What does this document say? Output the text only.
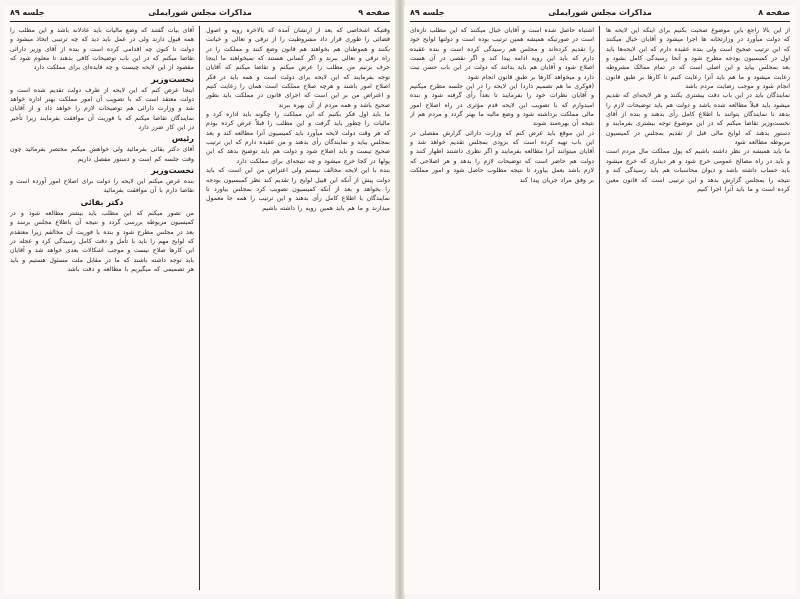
جلسه ۸۹	مذاکرات مجلس شورایملی	صفحه ۹

وقتیکه اشخاصی که بعد از ارتشان آمده که بالاخره رویه و اصول قضائی را طوری قرار داد مشروطیت را از ترقی و تعالی و خیانت بکنند و هموطنان هم بخواهند هم قانون وضع کنند و مملکت را در راه ترقی و تعالی ببرند و اگر کسانی هستند که نمیخواهند ما اینجا حرف بزنیم من مطلب را عرض میکنم و تقاضا میکنم که آقایان توجه بفرمایند که این لایحه برای دولت است و همه باید در فکر اصلاح امور باشند و هرچه صلاح مملکت است همان را رعایت کنیم و اعتراض من بر این است که اجرای قانون در مملکت باید بطور صحیح باشد و همه مردم از آن بهره ببرند

ما باید اول فکر بکنیم که این مملکت را چگونه باید اداره کرد و مالیات را چطور باید گرفت و این مطلب را قبلاً عرض کرده بودم که هر وقت دولت لایحه میآورد باید کمیسیون آنرا مطالعه کند و بعد بمجلس بیاید و نمایندگان رأی بدهند و من عقیده دارم که این ترتیب صحیح نیست و باید اصلاح شود و دولت هم باید توضیح بدهد که این پولها در کجا خرج میشود و چه نتیجه‌ای برای مملکت دارد

بنده با این لایحه مخالف نیستم ولی اعتراض من این است که باید دولت پیش از آنکه این قبیل لوایح را تقدیم کند نظر کمیسیون بودجه را بخواهد و بعد از آنکه کمیسیون تصویب کرد بمجلس بیاورد تا نمایندگان با اطلاع کامل رأی بدهند و این ترتیب را همه جا معمول میدارند و ما هم باید همین رویه را داشته باشیم

آقای بیات گفتند که وضع مالیات باید عادلانه باشد و این مطلب را همه قبول دارند ولی در عمل باید دید که چه ترتیبی اتخاذ میشود و دولت تا کنون چه اقدامی کرده است و بنده از آقای وزیر دارائی تقاضا میکنم که در این باب توضیحات کافی بدهند تا معلوم شود که مقصود از این لایحه چیست و چه فایده‌ای برای مملکت دارد

نخست‌وزیر

اینجا عرض کنم که این لایحه از طرف دولت تقدیم شده است و دولت معتقد است که با تصویب آن امور مملکت بهتر اداره خواهد شد و وزارت دارائی هم توضیحات لازم را خواهد داد و از آقایان نمایندگان تقاضا میکنم که با فوریت آن موافقت بفرمایند زیرا تأخیر در این کار ضرر دارد

رئیس

آقای دکتر بقائی بفرمائید ولی خواهش میکنم مختصر بفرمائید چون وقت جلسه کم است و دستور مفصل داریم

نخست‌وزیر

بنده عرض میکنم این لایحه را دولت برای اصلاح امور آورده است و تقاضا دارم با آن موافقت بفرمائید

دکتر بقائی

من تصور میکنم که این مطلب باید بیشتر مطالعه شود و در کمیسیون مربوطه بررسی گردد و نتیجه آن باطلاع مجلس برسد و بعد در مجلس مطرح شود و بنده با فوریت آن مخالفم زیرا معتقدم که لوایح مهم را باید با تأمل و دقت کامل رسیدگی کرد و عجله در این کارها صلاح نیست و موجب اشکالات بعدی خواهد شد و آقایان باید توجه داشته باشند که ما در مقابل ملت مسئول هستیم و باید هر تصمیمی که میگیریم با مطالعه و دقت باشد

جلسه ۸۹	مذاکرات مجلس شورایملی	صفحه ۸

از این بالا راجع باین موضوع صحبت بکنیم برای اینکه این لایحه ها که دولت میآورد در وزارتخانه ها اجرا میشود و آقایان خیال میکنند که این ترتیب صحیح است ولی بنده عقیده دارم که این لایحه‌ها باید اول در کمیسیون بودجه مطرح شود و آنجا رسیدگی کامل بشود و بعد بمجلس بیاید و این اصلی است که در تمام ممالک مشروطه رعایت میشود و ما هم باید آنرا رعایت کنیم تا کارها بر طبق قانون انجام شود و موجب رضایت مردم باشد

نمایندگان باید در این باب دقت بیشتری بکنند و هر لایحه‌ای که تقدیم میشود باید قبلاً مطالعه شده باشد و دولت هم باید توضیحات لازم را بدهد تا نمایندگان بتوانند با اطلاع کامل رأی بدهند و بنده از آقای نخست‌وزیر تقاضا میکنم که در این موضوع توجه بیشتری بفرمایند و دستور بدهند که لوایح مالی قبل از تقدیم بمجلس در کمیسیون مربوطه مطالعه شود

ما باید همیشه در نظر داشته باشیم که پول مملکت مال مردم است و باید در راه مصالح عمومی خرج شود و هر دیناری که خرج میشود باید حساب داشته باشد و دیوان محاسبات هم باید رسیدگی کند و نتیجه را بمجلس گزارش بدهد و این ترتیبی است که قانون معین کرده است و ما باید آنرا اجرا کنیم

اشتباه حاصل شده است و آقایان خیال میکنند که این مطلب تازه‌ای است در صورتیکه همیشه همین ترتیب بوده است و دولتها لوایح خود را تقدیم کرده‌اند و مجلس هم رسیدگی کرده است و بنده عقیده دارم که باید این رویه ادامه پیدا کند و اگر نقصی در آن هست اصلاح شود و آقایان هم باید بدانند که دولت در این باب حسن نیت دارد و میخواهد کارها بر طبق قانون انجام شود

(فوکری ما هم تصمیم دارد) این لایحه را در این جلسه مطرح میکنیم و آقایان نظرات خود را بفرمایند تا بعداً رأی گرفته شود و بنده امیدوارم که با تصویب این لایحه قدم مؤثری در راه اصلاح امور مالی مملکت برداشته شود و وضع مالیه ما بهتر گردد و مردم هم از نتیجه آن بهره‌مند شوند

در این موقع باید عرض کنم که وزارت دارائی گزارش مفصلی در این باب تهیه کرده است که بزودی بمجلس تقدیم خواهد شد و آقایان میتوانند آنرا مطالعه بفرمایند و اگر نظری داشتند اظهار کنند و دولت هم حاضر است که توضیحات لازم را بدهد و هر اصلاحی که لازم باشد بعمل بیاورد تا نتیجه مطلوب حاصل شود و امور مملکت بر وفق مراد جریان پیدا کند
